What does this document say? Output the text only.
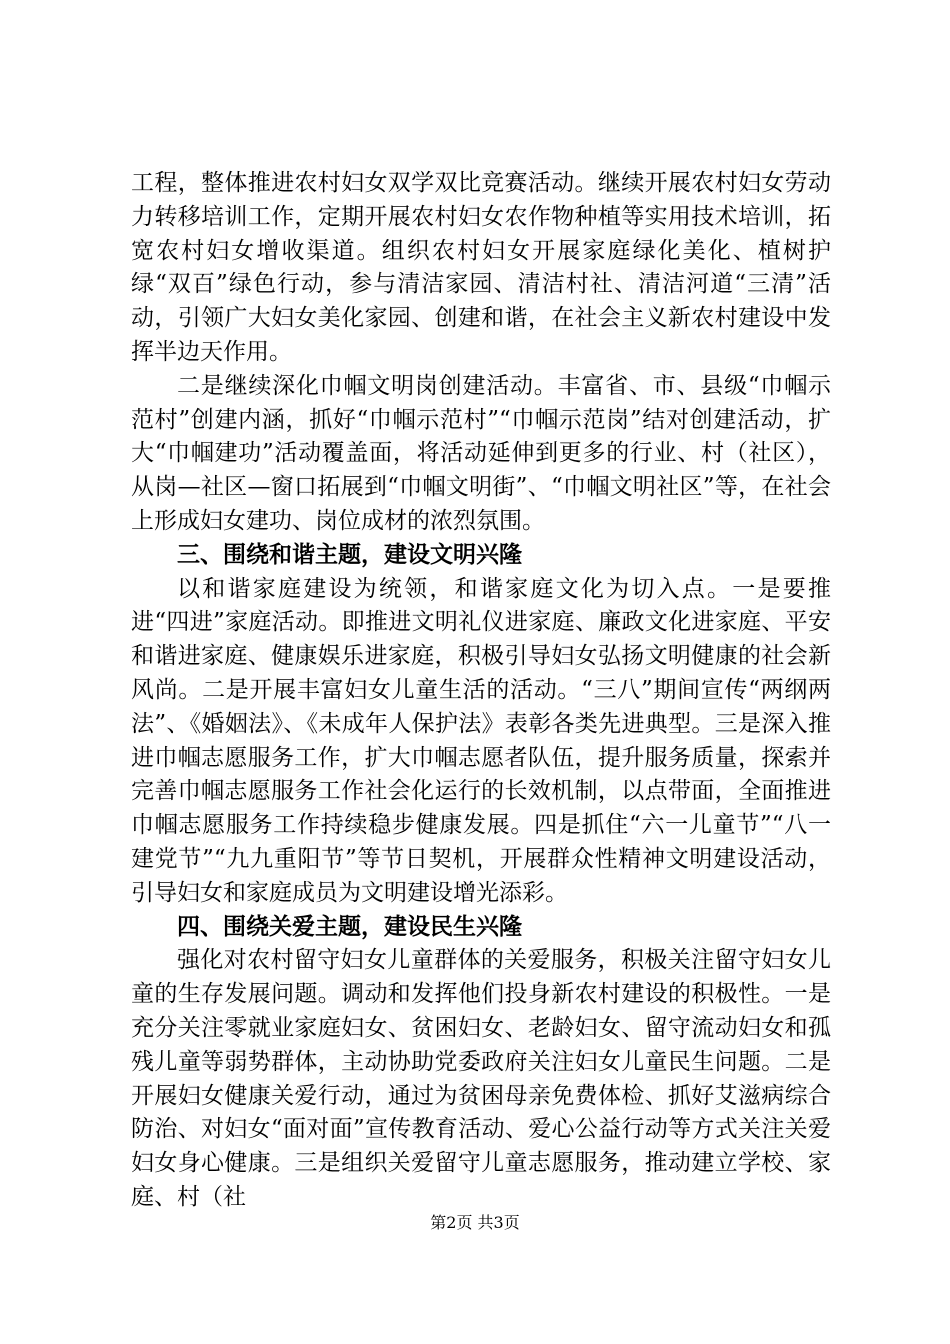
工程，整体推进农村妇女双学双比竞赛活动。继续开展农村妇女劳动力转移培训工作，定期开展农村妇女农作物种植等实用技术培训，拓宽农村妇女增收渠道。组织农村妇女开展家庭绿化美化、植树护绿“双百”绿色行动，参与清洁家园、清洁村社、清洁河道“三清”活动，引领广大妇女美化家园、创建和谐，在社会主义新农村建设中发挥半边天作用。

二是继续深化巾帼文明岗创建活动。丰富省、市、县级“巾帼示范村”创建内涵，抓好“巾帼示范村”“巾帼示范岗”结对创建活动，扩大“巾帼建功”活动覆盖面，将活动延伸到更多的行业、村（社区），从岗—社区—窗口拓展到“巾帼文明街”、“巾帼文明社区”等，在社会上形成妇女建功、岗位成材的浓烈氛围。

三、围绕和谐主题，建设文明兴隆

以和谐家庭建设为统领，和谐家庭文化为切入点。一是要推进“四进”家庭活动。即推进文明礼仪进家庭、廉政文化进家庭、平安和谐进家庭、健康娱乐进家庭，积极引导妇女弘扬文明健康的社会新风尚。二是开展丰富妇女儿童生活的活动。“三八”期间宣传“两纲两法”、《婚姻法》、《未成年人保护法》表彰各类先进典型。三是深入推进巾帼志愿服务工作，扩大巾帼志愿者队伍，提升服务质量，探索并完善巾帼志愿服务工作社会化运行的长效机制，以点带面，全面推进巾帼志愿服务工作持续稳步健康发展。四是抓住“六一儿童节”“八一建党节”“九九重阳节”等节日契机，开展群众性精神文明建设活动，引导妇女和家庭成员为文明建设增光添彩。

四、围绕关爱主题，建设民生兴隆

强化对农村留守妇女儿童群体的关爱服务，积极关注留守妇女儿童的生存发展问题。调动和发挥他们投身新农村建设的积极性。一是充分关注零就业家庭妇女、贫困妇女、老龄妇女、留守流动妇女和孤残儿童等弱势群体，主动协助党委政府关注妇女儿童民生问题。二是开展妇女健康关爱行动，通过为贫困母亲免费体检、抓好艾滋病综合防治、对妇女“面对面”宣传教育活动、爱心公益行动等方式关注关爱妇女身心健康。三是组织关爱留守儿童志愿服务，推动建立学校、家庭、村（社

第2页 共3页
